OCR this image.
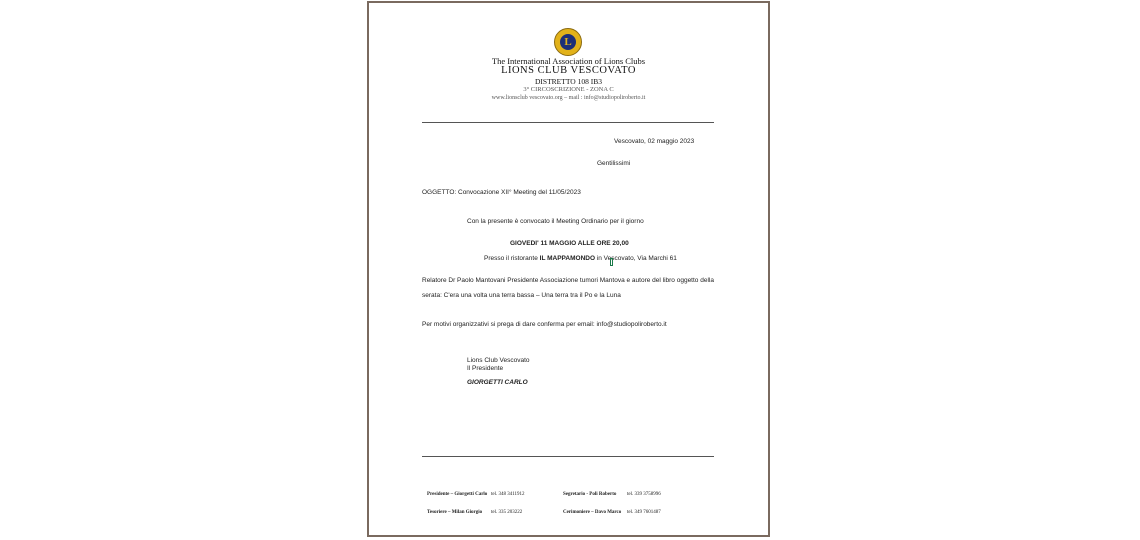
L
The International Association of Lions Clubs
LIONS CLUB VESCOVATO
DISTRETTO 108 IB3
3° CIRCOSCRIZIONE - ZONA C
www.lionsclub vescovato.org – mail : info@studiopoliroberto.it
Vescovato, 02 maggio 2023
Gentilissimi
OGGETTO: Convocazione XII° Meeting del 11/05/2023
Con la presente è convocato il Meeting Ordinario per il giorno
GIOVEDI' 11 MAGGIO ALLE ORE 20,00
Presso il ristorante IL MAPPAMONDO in Vescovato, Via Marchi 61
Relatore Dr Paolo Mantovani Presidente Associazione tumori Mantova e autore del libro oggetto della
serata: C'era una volta una terra bassa – Una terra tra il Po e la Luna
Per motivi organizzativi si prega di dare conferma per email: info@studiopoliroberto.it
Lions Club Vescovato
Il Presidente
GIORGETTI CARLO
Presidente – Giorgetti Carlo tel. 348 3411912	Segretario - Poli Roberto tel. 339 3758996
Tesoriere – Milan Giorgio tel. 335 203222	Cerimoniere – Davo Marco tel. 349 7601487
